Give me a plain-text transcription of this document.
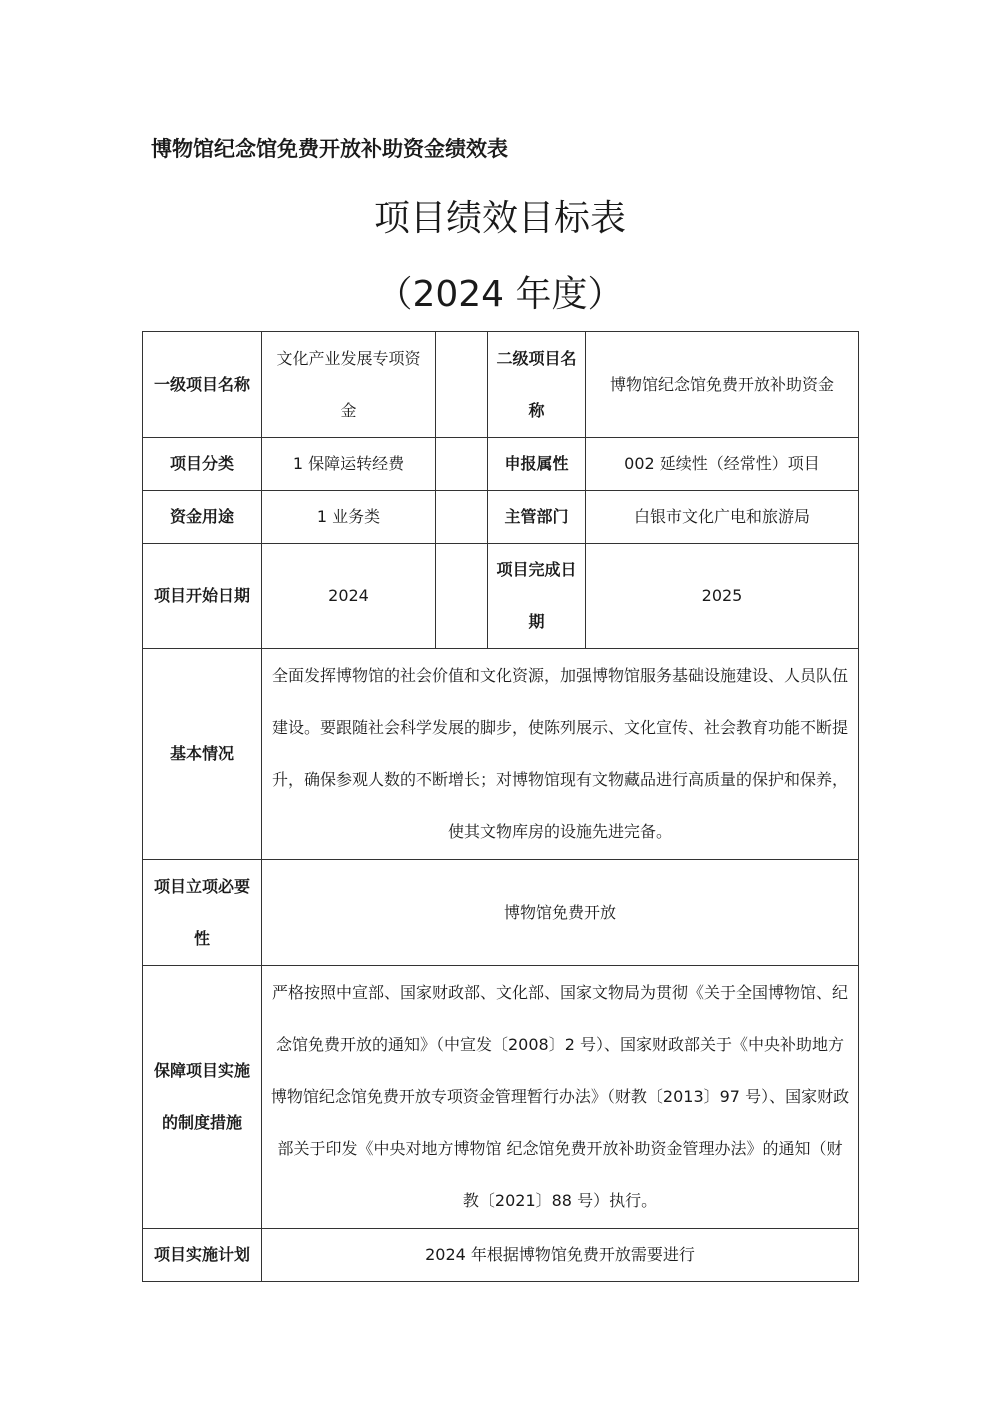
博物馆纪念馆免费开放补助资金绩效表
项目绩效目标表
（2024 年度）
一级项目名称	文化产业发展专项资金		二级项目名称	博物馆纪念馆免费开放补助资金
项目分类	1 保障运转经费		申报属性	002 延续性（经常性）项目
资金用途	1 业务类		主管部门	白银市文化广电和旅游局
项目开始日期	2024		项目完成日期	2025
基本情况	全面发挥博物馆的社会价值和文化资源，加强博物馆服务基础设施建设、人员队伍建设。要跟随社会科学发展的脚步，使陈列展示、文化宣传、社会教育功能不断提升，确保参观人数的不断增长；对博物馆现有文物藏品进行高质量的保护和保养，使其文物库房的设施先进完备。			
项目立项必要性	博物馆免费开放			
保障项目实施的制度措施	严格按照中宣部、国家财政部、文化部、国家文物局为贯彻《关于全国博物馆、纪念馆免费开放的通知》（中宣发〔2008〕2 号）、国家财政部关于《中央补助地方博物馆纪念馆免费开放专项资金管理暂行办法》（财教〔2013〕97 号）、国家财政部关于印发《中央对地方博物馆 纪念馆免费开放补助资金管理办法》的通知（财教〔2021〕88 号）执行。			
项目实施计划	2024 年根据博物馆免费开放需要进行			
